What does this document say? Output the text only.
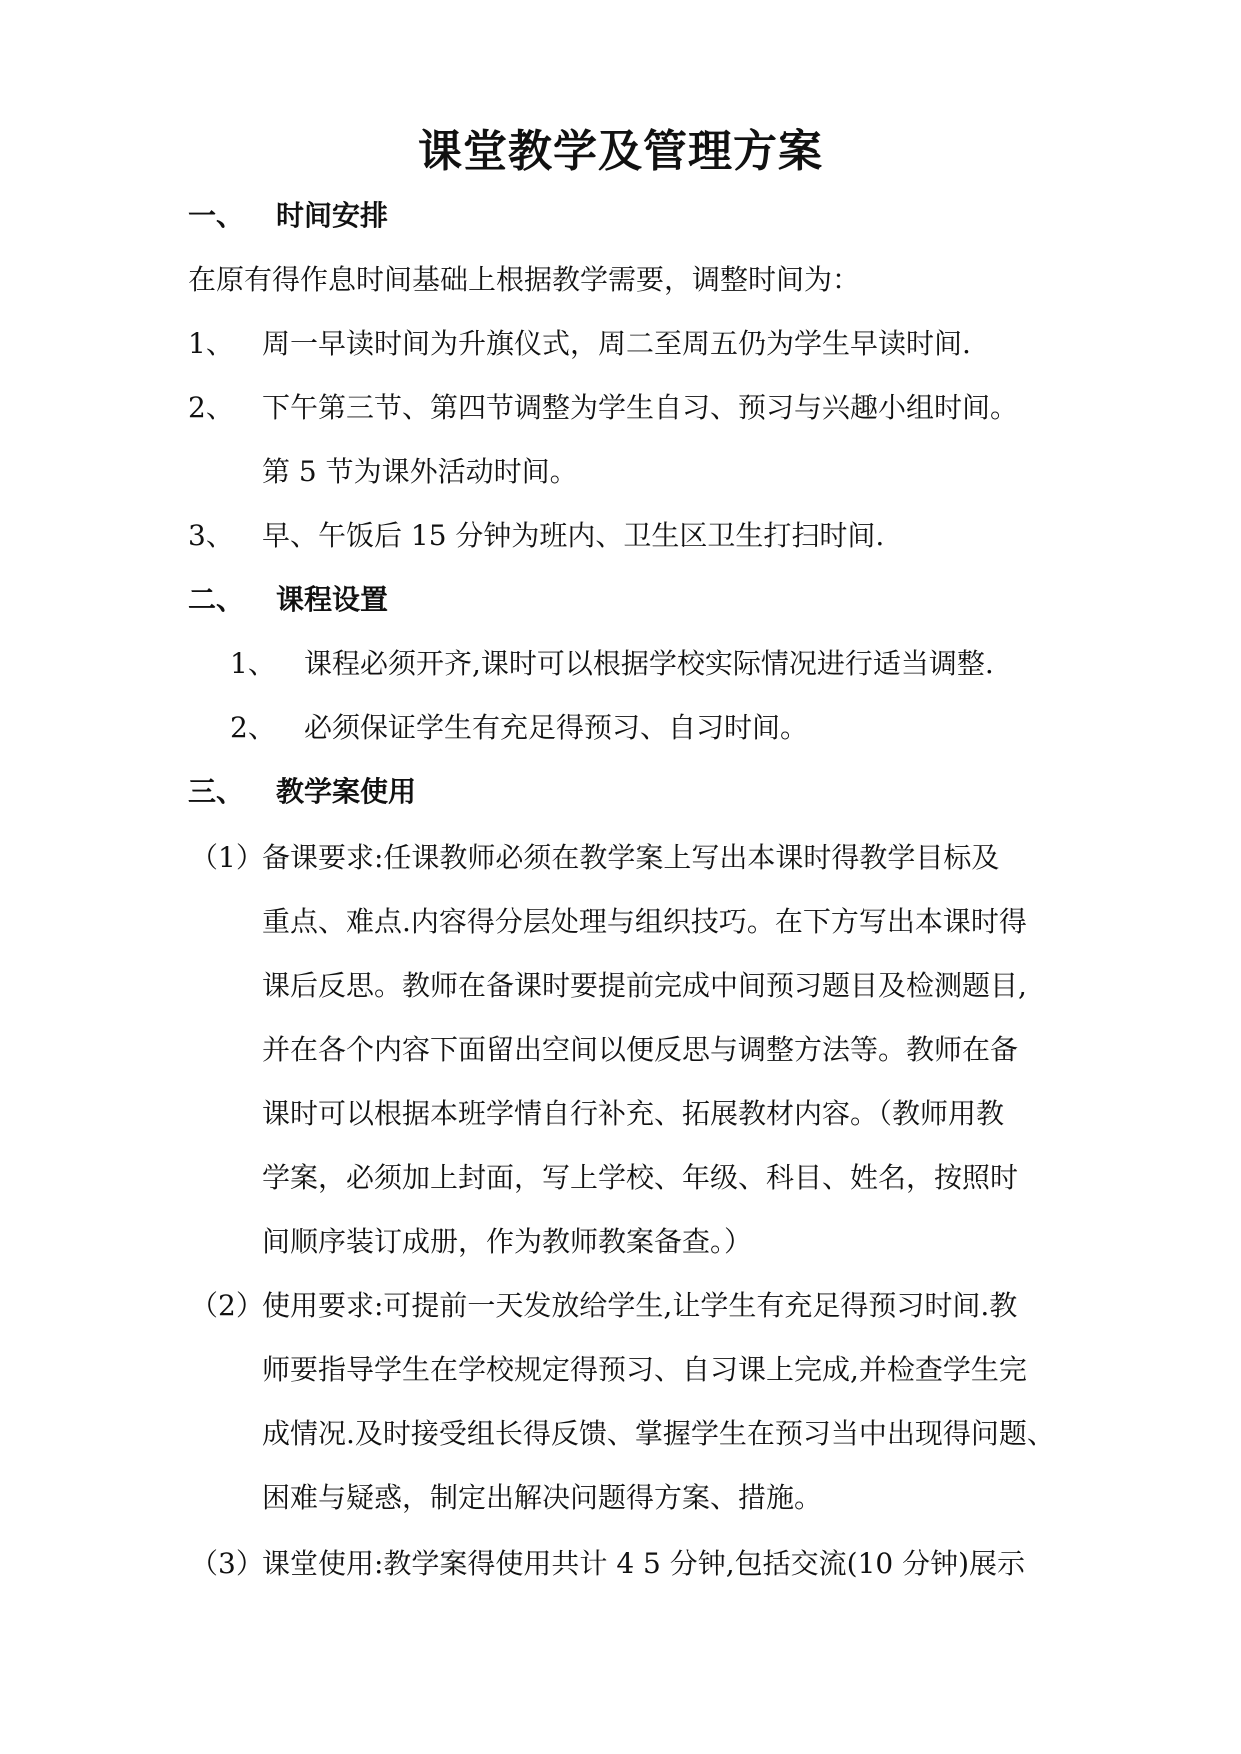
课堂教学及管理方案
一、 时间安排
在原有得作息时间基础上根据教学需要，调整时间为：
1、 周一早读时间为升旗仪式，周二至周五仍为学生早读时间.
2、 下午第三节、第四节调整为学生自习、预习与兴趣小组时间。
第 5 节为课外活动时间。
3、 早、午饭后 15 分钟为班内、卫生区卫生打扫时间.
二、 课程设置
1、 课程必须开齐,课时可以根据学校实际情况进行适当调整.
2、 必须保证学生有充足得预习、自习时间。
三、 教学案使用
（1）
备课要求:任课教师必须在教学案上写出本课时得教学目标及
重点、难点.内容得分层处理与组织技巧。在下方写出本课时得
课后反思。教师在备课时要提前完成中间预习题目及检测题目,
并在各个内容下面留出空间以便反思与调整方法等。教师在备
课时可以根据本班学情自行补充、拓展教材内容。（教师用教
学案，必须加上封面，写上学校、年级、科目、姓名，按照时
间顺序装订成册，作为教师教案备查。）
（2）
使用要求:可提前一天发放给学生,让学生有充足得预习时间.教
师要指导学生在学校规定得预习、自习课上完成,并检查学生完
成情况.及时接受组长得反馈、掌握学生在预习当中出现得问题、
困难与疑惑，制定出解决问题得方案、措施。
（3）
课堂使用:教学案得使用共计 4 5 分钟,包括交流(10 分钟)展示
